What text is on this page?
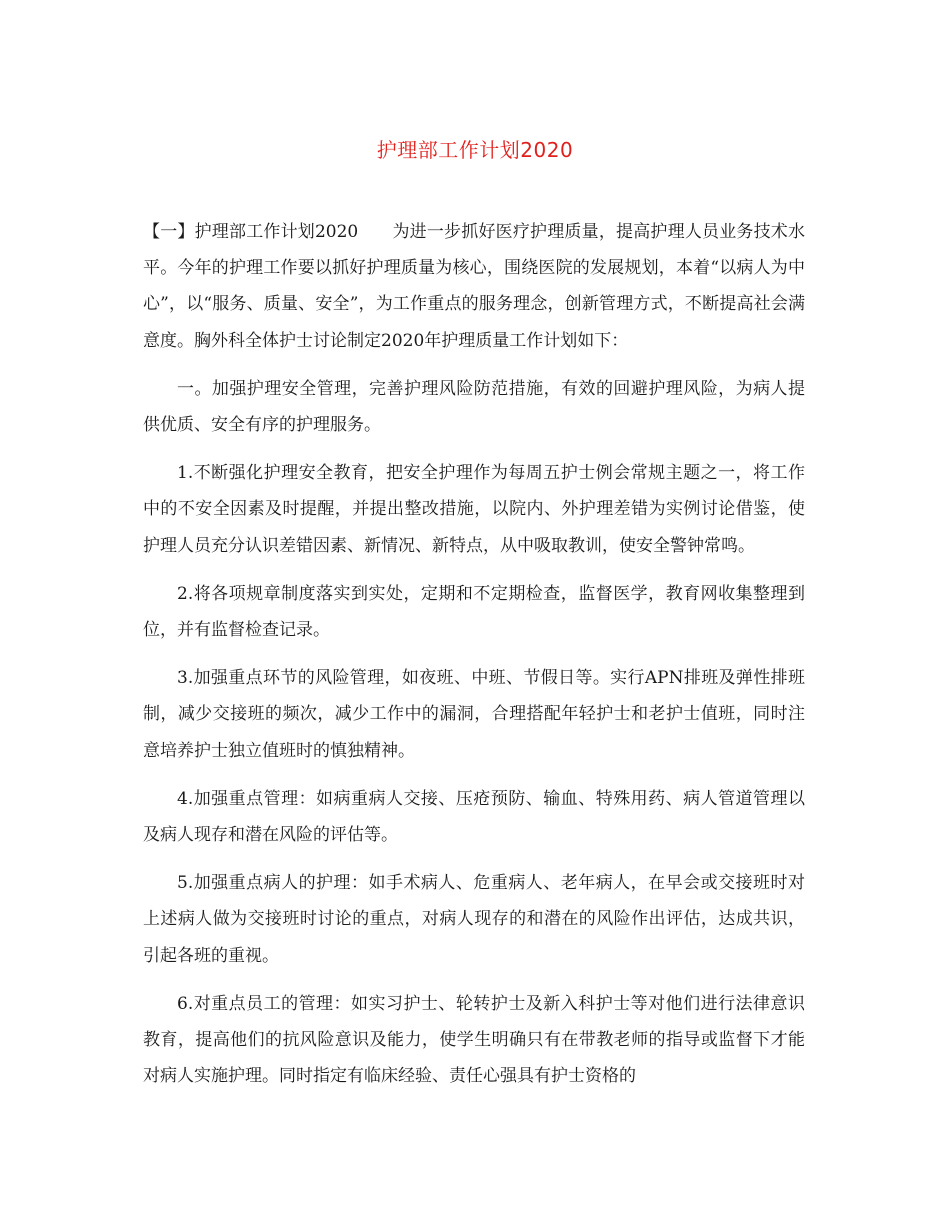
护理部工作计划2020

【一】护理部工作计划2020 为进一步抓好医疗护理质量，提高护理人员业务技术水平。今年的护理工作要以抓好护理质量为核心，围绕医院的发展规划，本着“以病人为中心”，以“服务、质量、安全”，为工作重点的服务理念，创新管理方式，不断提高社会满意度。胸外科全体护士讨论制定2020年护理质量工作计划如下：

一。加强护理安全管理，完善护理风险防范措施，有效的回避护理风险，为病人提供优质、安全有序的护理服务。

1.不断强化护理安全教育，把安全护理作为每周五护士例会常规主题之一，将工作中的不安全因素及时提醒，并提出整改措施，以院内、外护理差错为实例讨论借鉴，使护理人员充分认识差错因素、新情况、新特点，从中吸取教训，使安全警钟常鸣。

2.将各项规章制度落实到实处，定期和不定期检查，监督医学，教育网收集整理到位，并有监督检查记录。

3.加强重点环节的风险管理，如夜班、中班、节假日等。实行APN排班及弹性排班制，减少交接班的频次，减少工作中的漏洞，合理搭配年轻护士和老护士值班，同时注意培养护士独立值班时的慎独精神。

4.加强重点管理：如病重病人交接、压疮预防、输血、特殊用药、病人管道管理以及病人现存和潜在风险的评估等。

5.加强重点病人的护理：如手术病人、危重病人、老年病人，在早会或交接班时对上述病人做为交接班时讨论的重点，对病人现存的和潜在的风险作出评估，达成共识，引起各班的重视。

6.对重点员工的管理：如实习护士、轮转护士及新入科护士等对他们进行法律意识教育，提高他们的抗风险意识及能力，使学生明确只有在带教老师的指导或监督下才能对病人实施护理。同时指定有临床经验、责任心强具有护士资格的
